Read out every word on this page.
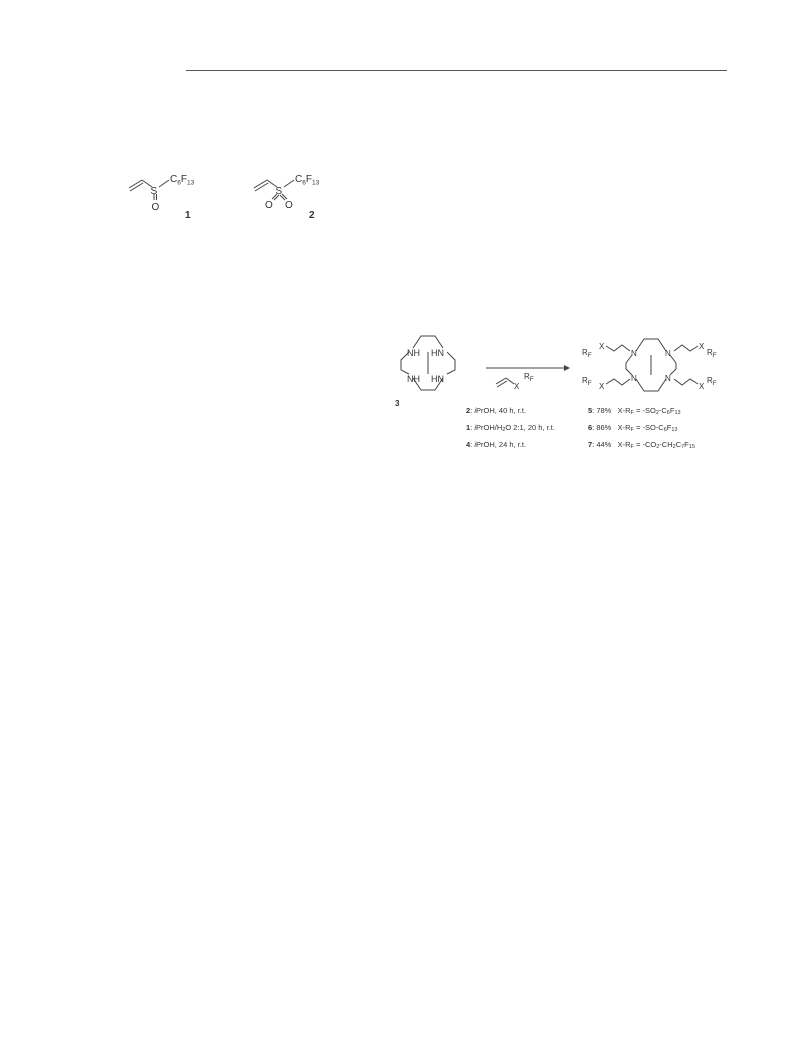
S
O
$C_6F_{13}$
1
S
O O
$C_6F_{13}$
2
NH HN
NH HN
3
X
$R_F$
N	N
N	N
X	X
X	X
$R_F$	$R_F$
$R_F$	$R_F$
2: iPrOH, 40 h, r.t.
1: iPrOH/$H_2O$ 2:1, 20 h, r.t.
4: iPrOH, 24 h, r.t.
5: 78% $X-R_F = -SO_2-C_6F_{13}$
6: 86% $X-R_F = -SO-C_6F_{13}$
7: 44% $X-R_F = -CO_2-CH_2C_7F_{15}$
